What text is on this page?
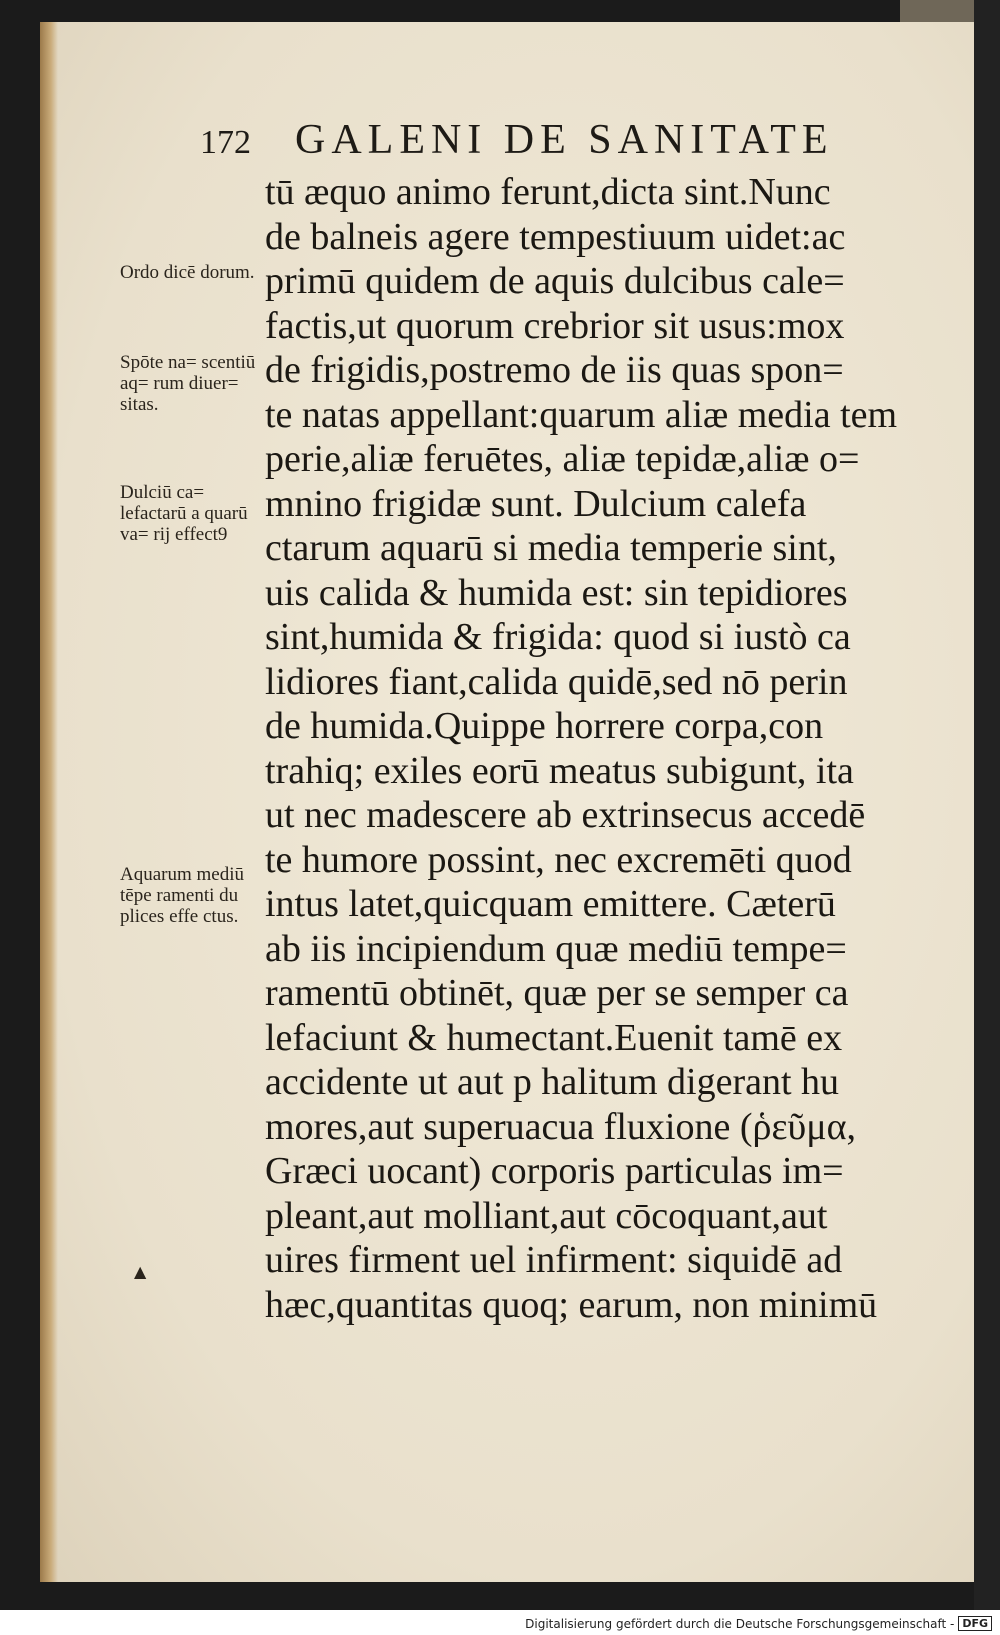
172	GALENI DE SANITATE
tū æquo animo ferunt,dicta sint.Nunc
de balneis agere tempestiuum uidet:ac
primū quidem de aquis dulcibus cale=
factis,ut quorum crebrior sit usus:mox
de frigidis,postremo de iis quas spon=
te natas appellant:quarum aliæ media tem
perie,aliæ feruētes, aliæ tepidæ,aliæ o=
mnino frigidæ sunt. Dulcium calefa
ctarum aquarū si media temperie sint,
uis calida & humida est: sin tepidiores
sint,humida & frigida: quod si iustò ca
lidiores fiant,calida quidē,sed nō perin
de humida.Quippe horrere corpa,con
trahiq; exiles eorū meatus subigunt, ita
ut nec madescere ab extrinsecus accedē
te humore possint, nec excremēti quod
intus latet,quicquam emittere. Cæterū
ab iis incipiendum quæ mediū tempe=
ramentū obtinēt, quæ per se semper ca
lefaciunt & humectant.Euenit tamē ex
accidente ut aut p halitum digerant hu
mores,aut superuacua fluxione (ῥεῦμα,
Græci uocant) corporis particulas im=
pleant,aut molliant,aut cōcoquant,aut
uires firment uel infirment: siquidē ad
hæc,quantitas quoq; earum, non minimū
Ordo dicē dorum.
Spōte na= scentiū aq= rum diuer= sitas.
Dulciū ca= lefactarū a quarū va= rij effect9
Aquarum mediū tēpe ramenti du plices effe ctus.
▲
Digitalisierung gefördert durch die Deutsche Forschungsgemeinschaft - DFG
